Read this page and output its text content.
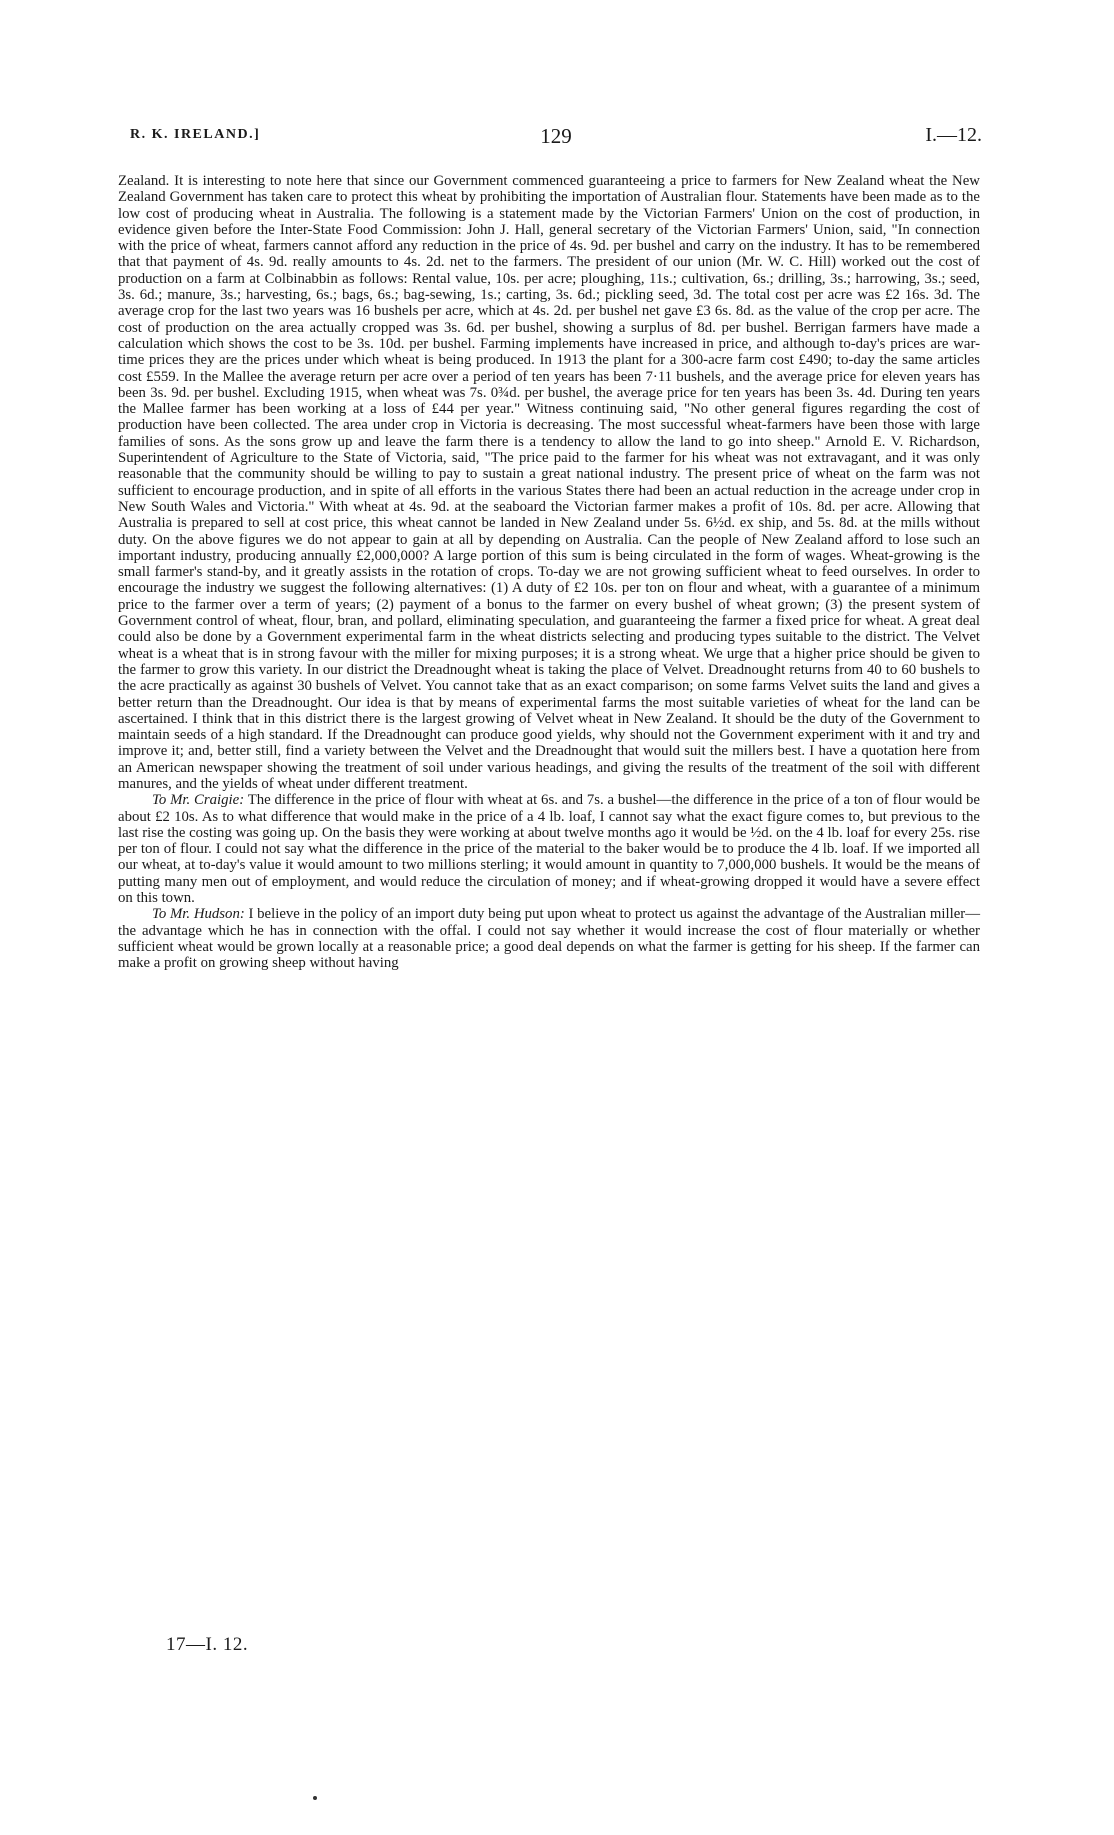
R. K. IRELAND.]	129	I.—12.

Zealand. It is interesting to note here that since our Government commenced guaranteeing a price to farmers for New Zealand wheat the New Zealand Government has taken care to protect this wheat by prohibiting the importation of Australian flour. Statements have been made as to the low cost of producing wheat in Australia. The following is a statement made by the Victorian Farmers' Union on the cost of production, in evidence given before the Inter-State Food Commission: John J. Hall, general secretary of the Victorian Farmers' Union, said, "In connection with the price of wheat, farmers cannot afford any reduction in the price of 4s. 9d. per bushel and carry on the industry. It has to be remembered that that payment of 4s. 9d. really amounts to 4s. 2d. net to the farmers. The president of our union (Mr. W. C. Hill) worked out the cost of production on a farm at Colbinabbin as follows: Rental value, 10s. per acre; ploughing, 11s.; cultivation, 6s.; drilling, 3s.; harrowing, 3s.; seed, 3s. 6d.; manure, 3s.; harvesting, 6s.; bags, 6s.; bag-sewing, 1s.; carting, 3s. 6d.; pickling seed, 3d. The total cost per acre was £2 16s. 3d. The average crop for the last two years was 16 bushels per acre, which at 4s. 2d. per bushel net gave £3 6s. 8d. as the value of the crop per acre. The cost of production on the area actually cropped was 3s. 6d. per bushel, showing a surplus of 8d. per bushel. Berrigan farmers have made a calculation which shows the cost to be 3s. 10d. per bushel. Farming implements have increased in price, and although to-day's prices are war-time prices they are the prices under which wheat is being produced. In 1913 the plant for a 300-acre farm cost £490; to-day the same articles cost £559. In the Mallee the average return per acre over a period of ten years has been 7·11 bushels, and the average price for eleven years has been 3s. 9d. per bushel. Excluding 1915, when wheat was 7s. 0¾d. per bushel, the average price for ten years has been 3s. 4d. During ten years the Mallee farmer has been working at a loss of £44 per year." Witness continuing said, "No other general figures regarding the cost of production have been collected. The area under crop in Victoria is decreasing. The most successful wheat-farmers have been those with large families of sons. As the sons grow up and leave the farm there is a tendency to allow the land to go into sheep." Arnold E. V. Richardson, Superintendent of Agriculture to the State of Victoria, said, "The price paid to the farmer for his wheat was not extravagant, and it was only reasonable that the community should be willing to pay to sustain a great national industry. The present price of wheat on the farm was not sufficient to encourage production, and in spite of all efforts in the various States there had been an actual reduction in the acreage under crop in New South Wales and Victoria." With wheat at 4s. 9d. at the seaboard the Victorian farmer makes a profit of 10s. 8d. per acre. Allowing that Australia is prepared to sell at cost price, this wheat cannot be landed in New Zealand under 5s. 6½d. ex ship, and 5s. 8d. at the mills without duty. On the above figures we do not appear to gain at all by depending on Australia. Can the people of New Zealand afford to lose such an important industry, producing annually £2,000,000? A large portion of this sum is being circulated in the form of wages. Wheat-growing is the small farmer's stand-by, and it greatly assists in the rotation of crops. To-day we are not growing sufficient wheat to feed ourselves. In order to encourage the industry we suggest the following alternatives: (1) A duty of £2 10s. per ton on flour and wheat, with a guarantee of a minimum price to the farmer over a term of years; (2) payment of a bonus to the farmer on every bushel of wheat grown; (3) the present system of Government control of wheat, flour, bran, and pollard, eliminating speculation, and guaranteeing the farmer a fixed price for wheat. A great deal could also be done by a Government experimental farm in the wheat districts selecting and producing types suitable to the district. The Velvet wheat is a wheat that is in strong favour with the miller for mixing purposes; it is a strong wheat. We urge that a higher price should be given to the farmer to grow this variety. In our district the Dreadnought wheat is taking the place of Velvet. Dreadnought returns from 40 to 60 bushels to the acre practically as against 30 bushels of Velvet. You cannot take that as an exact comparison; on some farms Velvet suits the land and gives a better return than the Dreadnought. Our idea is that by means of experimental farms the most suitable varieties of wheat for the land can be ascertained. I think that in this district there is the largest growing of Velvet wheat in New Zealand. It should be the duty of the Government to maintain seeds of a high standard. If the Dreadnought can produce good yields, why should not the Government experiment with it and try and improve it; and, better still, find a variety between the Velvet and the Dreadnought that would suit the millers best. I have a quotation here from an American newspaper showing the treatment of soil under various headings, and giving the results of the treatment of the soil with different manures, and the yields of wheat under different treatment.

To Mr. Craigie: The difference in the price of flour with wheat at 6s. and 7s. a bushel—the difference in the price of a ton of flour would be about £2 10s. As to what difference that would make in the price of a 4 lb. loaf, I cannot say what the exact figure comes to, but previous to the last rise the costing was going up. On the basis they were working at about twelve months ago it would be ½d. on the 4 lb. loaf for every 25s. rise per ton of flour. I could not say what the difference in the price of the material to the baker would be to produce the 4 lb. loaf. If we imported all our wheat, at to-day's value it would amount to two millions sterling; it would amount in quantity to 7,000,000 bushels. It would be the means of putting many men out of employment, and would reduce the circulation of money; and if wheat-growing dropped it would have a severe effect on this town.

To Mr. Hudson: I believe in the policy of an import duty being put upon wheat to protect us against the advantage of the Australian miller—the advantage which he has in connection with the offal. I could not say whether it would increase the cost of flour materially or whether sufficient wheat would be grown locally at a reasonable price; a good deal depends on what the farmer is getting for his sheep. If the farmer can make a profit on growing sheep without having

17—I. 12.
